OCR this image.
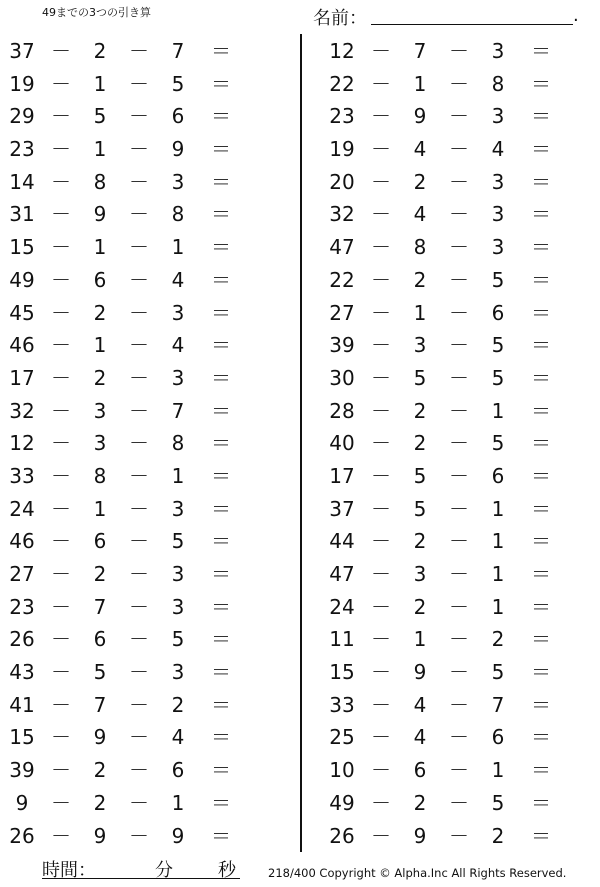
49までの3つの引き算	名前：	.
37 －	2	－	7	＝
19 －	1	－	5	＝
29 －	5	－	6	＝
23 －	1	－	9	＝
14 －	8	－	3	＝
31 －	9	－	8	＝
15 －	1	－	1	＝
49 －	6	－	4	＝
45 －	2	－	3	＝
46 －	1	－	4	＝
17 －	2	－	3	＝
32 －	3	－	7	＝
12 －	3	－	8	＝
33 －	8	－	1	＝
24 －	1	－	3	＝
46 －	6	－	5	＝
27 －	2	－	3	＝
23 －	7	－	3	＝
26 －	6	－	5	＝
43 －	5	－	3	＝
41 －	7	－	2	＝
15 －	9	－	4	＝
39 －	2	－	6	＝
9	－	2	－	1	＝
26 －	9	－	9	＝
12 －	7	－	3	＝
22 －	1	－	8	＝
23 －	9	－	3	＝
19 －	4	－	4	＝
20 －	2	－	3	＝
32 －	4	－	3	＝
47 －	8	－	3	＝
22 －	2	－	5	＝
27 －	1	－	6	＝
39 －	3	－	5	＝
30 －	5	－	5	＝
28 －	2	－	1	＝
40 －	2	－	5	＝
17 －	5	－	6	＝
37 －	5	－	1	＝
44 －	2	－	1	＝
47 －	3	－	1	＝
24 －	2	－	1	＝
11 －	1	－	2	＝
15 －	9	－	5	＝
33 －	4	－	7	＝
25 －	4	－	6	＝
10 －	6	－	1	＝
49 －	2	－	5	＝
26 －	9	－	2	＝
時間：	分	秒	218/400 Copyright © Alpha.Inc All Rights Reserved.
